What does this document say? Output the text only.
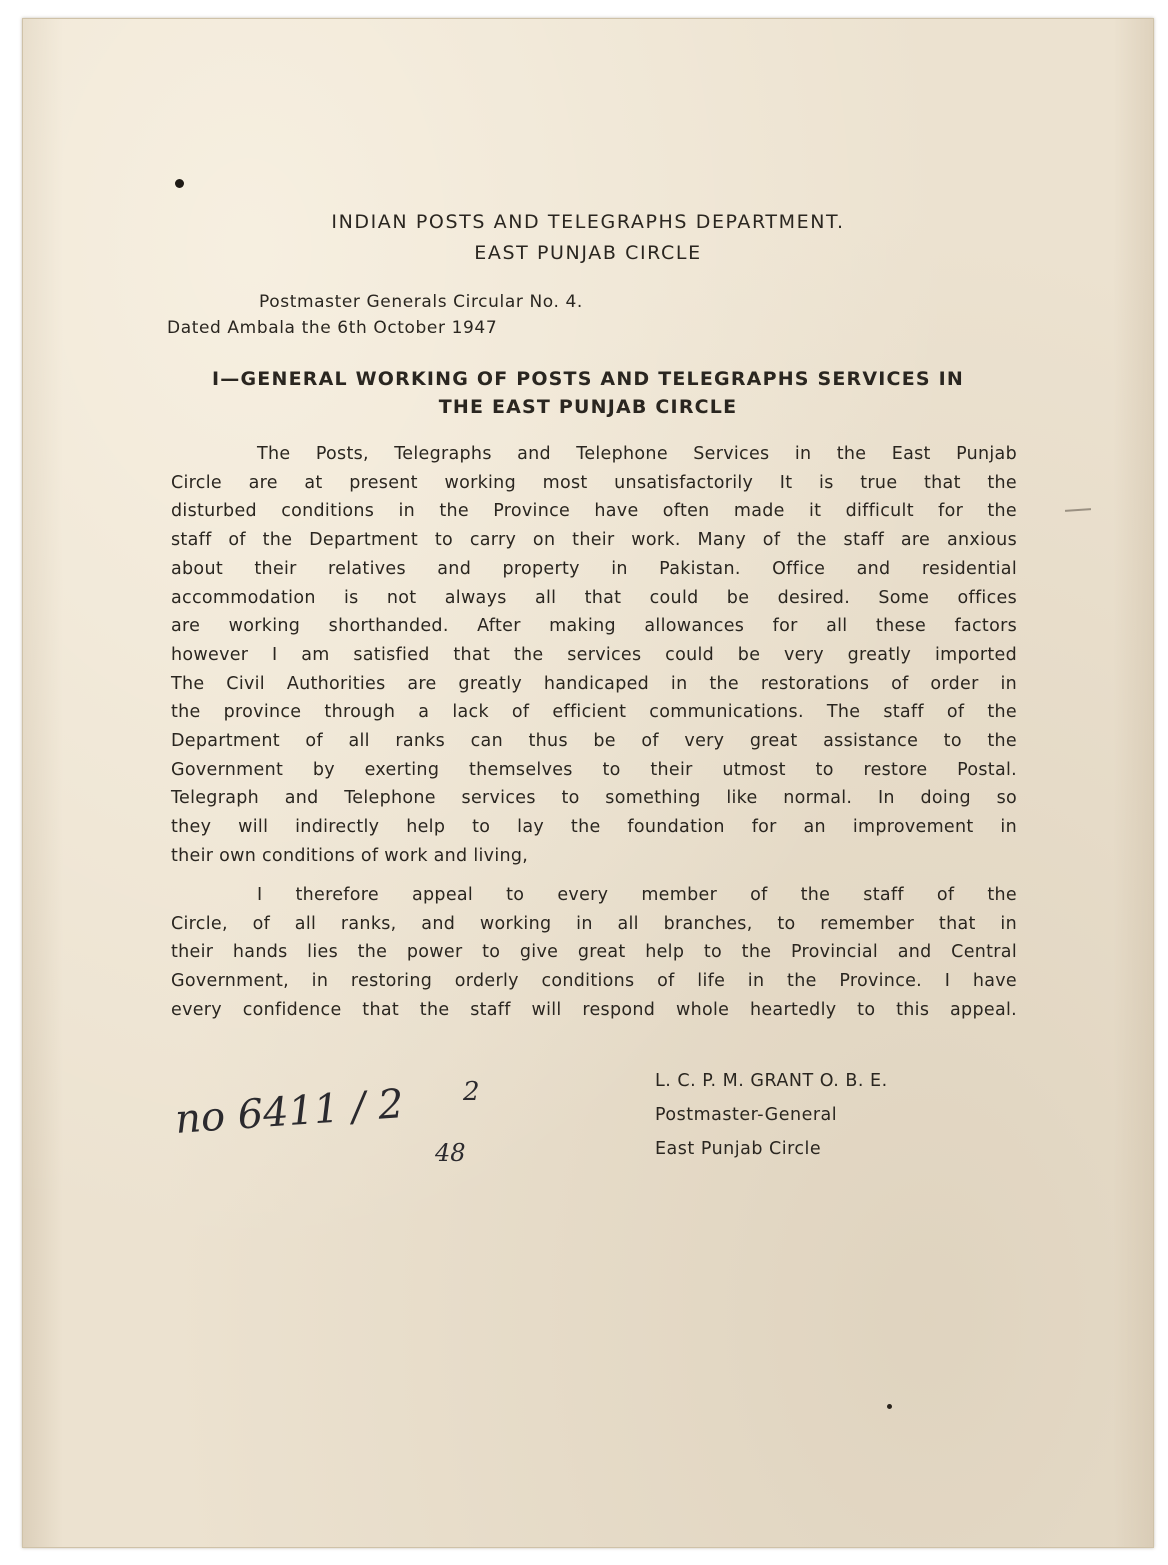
INDIAN POSTS AND TELEGRAPHS DEPARTMENT.
EAST PUNJAB CIRCLE
Postmaster Generals Circular No. 4.
Dated Ambala the 6th October 1947
I—GENERAL WORKING OF POSTS AND TELEGRAPHS SERVICES IN
THE EAST PUNJAB CIRCLE
The Posts, Telegraphs and Telephone Services in the East Punjab
Circle are at present working most unsatisfactorily It is true that the
disturbed conditions in the Province have often made it difficult for the
staff of the Department to carry on their work. Many of the staff are anxious
about their relatives and property in Pakistan. Office and residential
accommodation is not always all that could be desired. Some offices
are working shorthanded. After making allowances for all these factors
however I am satisfied that the services could be very greatly imported
The Civil Authorities are greatly handicaped in the restorations of order in
the province through a lack of efficient communications. The staff of the
Department of all ranks can thus be of very great assistance to the
Government by exerting themselves to their utmost to restore Postal.
Telegraph and Telephone services to something like normal. In doing so
they will indirectly help to lay the foundation for an improvement in
their own conditions of work and living,
I therefore appeal to every member of the staff of the
Circle, of all ranks, and working in all branches, to remember that in
their hands lies the power to give great help to the Provincial and Central
Government, in restoring orderly conditions of life in the Province. I have
every confidence that the staff will respond whole heartedly to this appeal.
L. C. P. M. GRANT O. B. E.
Postmaster-General
East Punjab Circle
no 6411 / 2 2
48
